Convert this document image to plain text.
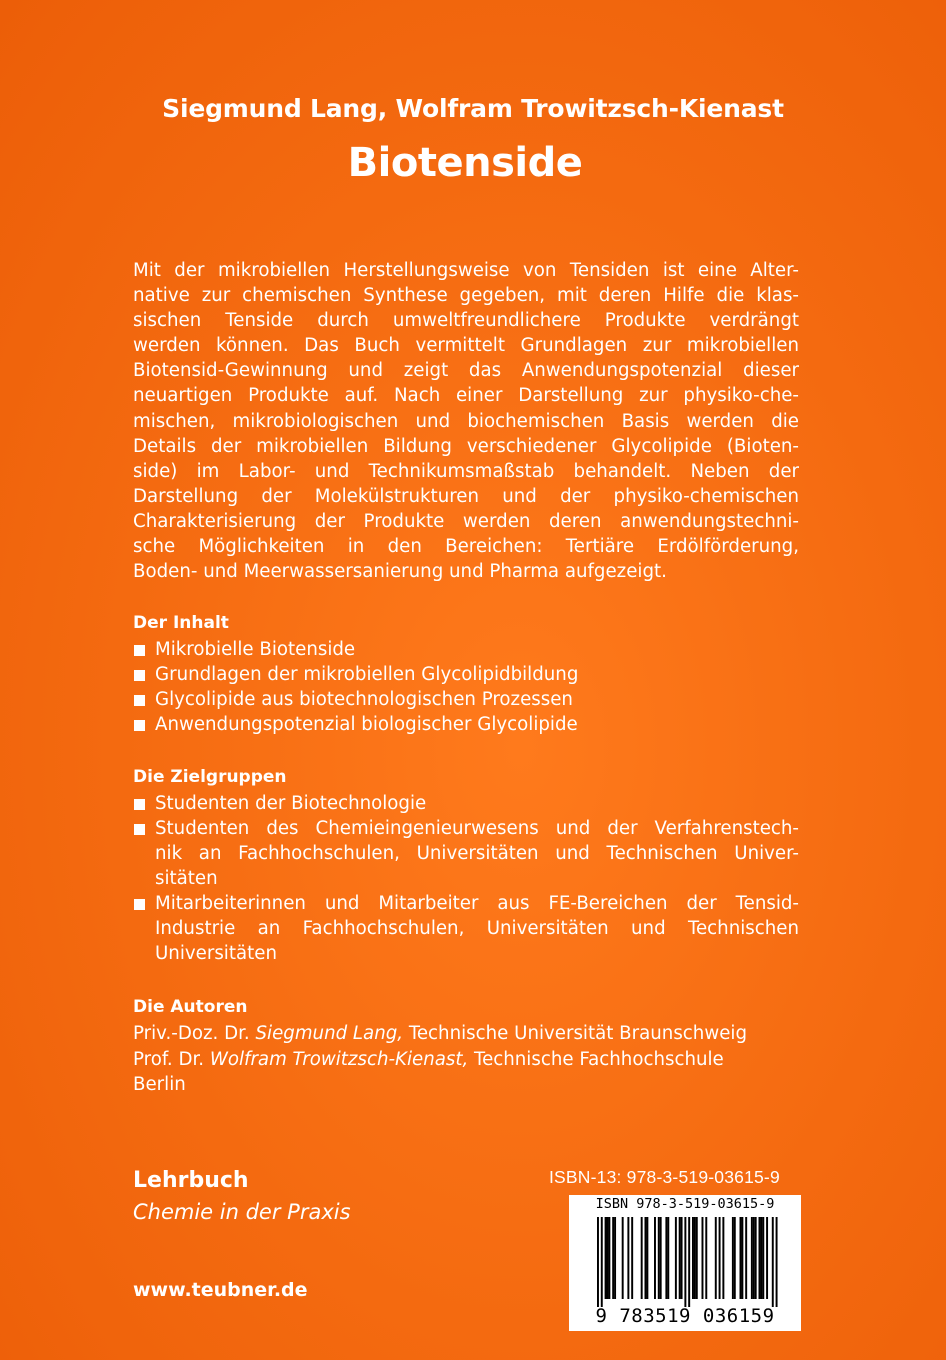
Siegmund Lang, Wolfram Trowitzsch-Kienast
Biotenside
Mit der mikrobiellen Herstellungsweise von Tensiden ist eine Alter-
native zur chemischen Synthese gegeben, mit deren Hilfe die klas-
sischen Tenside durch umweltfreundlichere Produkte verdrängt
werden können. Das Buch vermittelt Grundlagen zur mikrobiellen
Biotensid-Gewinnung und zeigt das Anwendungspotenzial dieser
neuartigen Produkte auf. Nach einer Darstellung zur physiko-che-
mischen, mikrobiologischen und biochemischen Basis werden die
Details der mikrobiellen Bildung verschiedener Glycolipide (Bioten-
side) im Labor- und Technikumsmaßstab behandelt. Neben der
Darstellung der Molekülstrukturen und der physiko-chemischen
Charakterisierung der Produkte werden deren anwendungstechni-
sche Möglichkeiten in den Bereichen: Tertiäre Erdölförderung,
Boden- und Meerwassersanierung und Pharma aufgezeigt.
Der Inhalt
Mikrobielle Biotenside
Grundlagen der mikrobiellen Glycolipidbildung
Glycolipide aus biotechnologischen Prozessen
Anwendungspotenzial biologischer Glycolipide
Die Zielgruppen
Studenten der Biotechnologie
Studenten des Chemieingenieurwesens und der Verfahrenstech-
nik an Fachhochschulen, Universitäten und Technischen Univer-
sitäten
Mitarbeiterinnen und Mitarbeiter aus FE-Bereichen der Tensid-
Industrie an Fachhochschulen, Universitäten und Technischen
Universitäten
Die Autoren
Priv.-Doz. Dr. Siegmund Lang, Technische Universität Braunschweig
Prof. Dr. Wolfram Trowitzsch-Kienast, Technische Fachhochschule
Berlin
Lehrbuch
Chemie in der Praxis
www.teubner.de
ISBN-13: 978-3-519-03615-9
ISBN 978-3-519-03615-9
9 783519 036159
